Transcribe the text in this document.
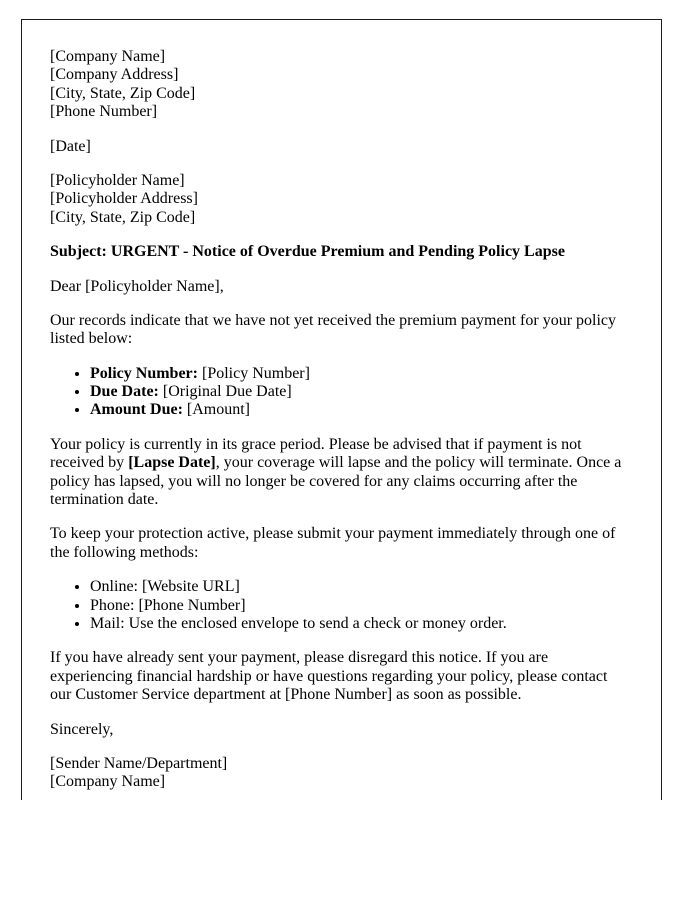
[Company Name]
[Company Address]
[City, State, Zip Code]
[Phone Number]

[Date]

[Policyholder Name]
[Policyholder Address]
[City, State, Zip Code]

Subject: URGENT - Notice of Overdue Premium and Pending Policy Lapse

Dear [Policyholder Name],

Our records indicate that we have not yet received the premium payment for your policy listed below:

• Policy Number: [Policy Number]
• Due Date: [Original Due Date]
• Amount Due: [Amount]

Your policy is currently in its grace period. Please be advised that if payment is not received by [Lapse Date], your coverage will lapse and the policy will terminate. Once a policy has lapsed, you will no longer be covered for any claims occurring after the termination date.

To keep your protection active, please submit your payment immediately through one of the following methods:

• Online: [Website URL]
• Phone: [Phone Number]
• Mail: Use the enclosed envelope to send a check or money order.

If you have already sent your payment, please disregard this notice. If you are experiencing financial hardship or have questions regarding your policy, please contact our Customer Service department at [Phone Number] as soon as possible.

Sincerely,

[Sender Name/Department]
[Company Name]
